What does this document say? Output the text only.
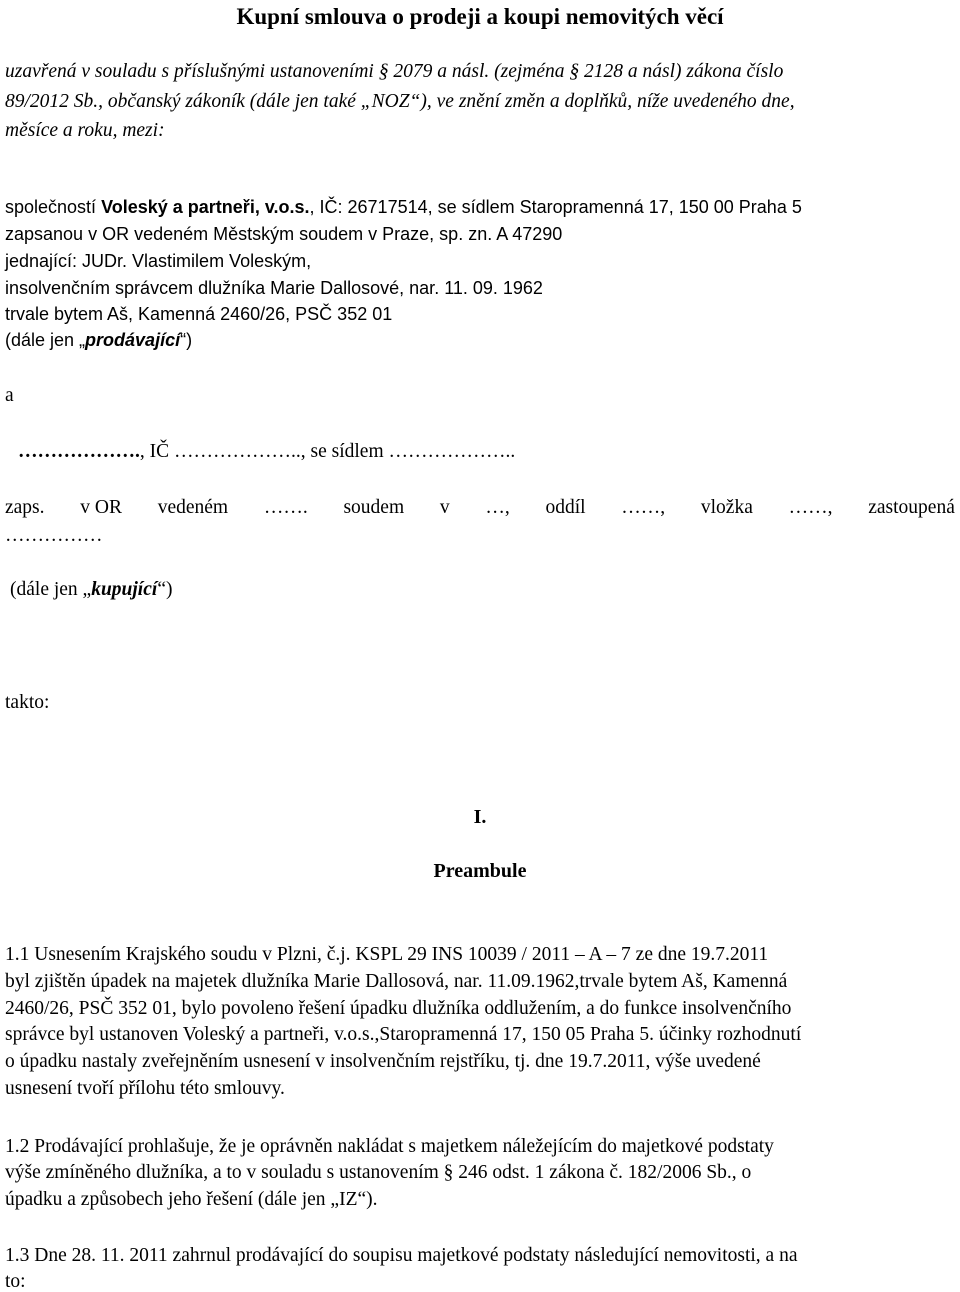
Kupní smlouva o prodeji a koupi nemovitých věcí
uzavřená v souladu s příslušnými ustanoveními § 2079 a násl. (zejména § 2128 a násl) zákona číslo
89/2012 Sb., občanský zákoník (dále jen také „NOZ“), ve znění změn a doplňků, níže uvedeného dne,
měsíce a roku, mezi:
společností Voleský a partneři, v.o.s., IČ: 26717514, se sídlem Staropramenná 17, 150 00 Praha 5
zapsanou v OR vedeném Městským soudem v Praze, sp. zn. A 47290
jednající: JUDr. Vlastimilem Voleským,
insolvenčním správcem dlužníka Marie Dallosové, nar. 11. 09. 1962
trvale bytem Aš, Kamenná 2460/26, PSČ 352 01
(dále jen „prodávající“)
a
………………., IČ ……………….., se sídlem ………………..
zaps. v OR vedeném ……. soudem v …, oddíl ……, vložka ……, zastoupená
……………
(dále jen „kupující“)
takto:
I.
Preambule
1.1 Usnesením Krajského soudu v Plzni, č.j. KSPL 29 INS 10039 / 2011 – A – 7 ze dne 19.7.2011
byl zjištěn úpadek na majetek dlužníka Marie Dallosová, nar. 11.09.1962,trvale bytem Aš, Kamenná
2460/26, PSČ 352 01, bylo povoleno řešení úpadku dlužníka oddlužením, a do funkce insolvenčního
správce byl ustanoven Voleský a partneři, v.o.s.,Staropramenná 17, 150 05 Praha 5. účinky rozhodnutí
o úpadku nastaly zveřejněním usnesení v insolvenčním rejstříku, tj. dne 19.7.2011, výše uvedené
usnesení tvoří přílohu této smlouvy.
1.2 Prodávající prohlašuje, že je oprávněn nakládat s majetkem náležejícím do majetkové podstaty
výše zmíněného dlužníka, a to v souladu s ustanovením § 246 odst. 1 zákona č. 182/2006 Sb., o
úpadku a způsobech jeho řešení (dále jen „IZ“).
1.3 Dne 28. 11. 2011 zahrnul prodávající do soupisu majetkové podstaty následující nemovitosti, a na
to:
